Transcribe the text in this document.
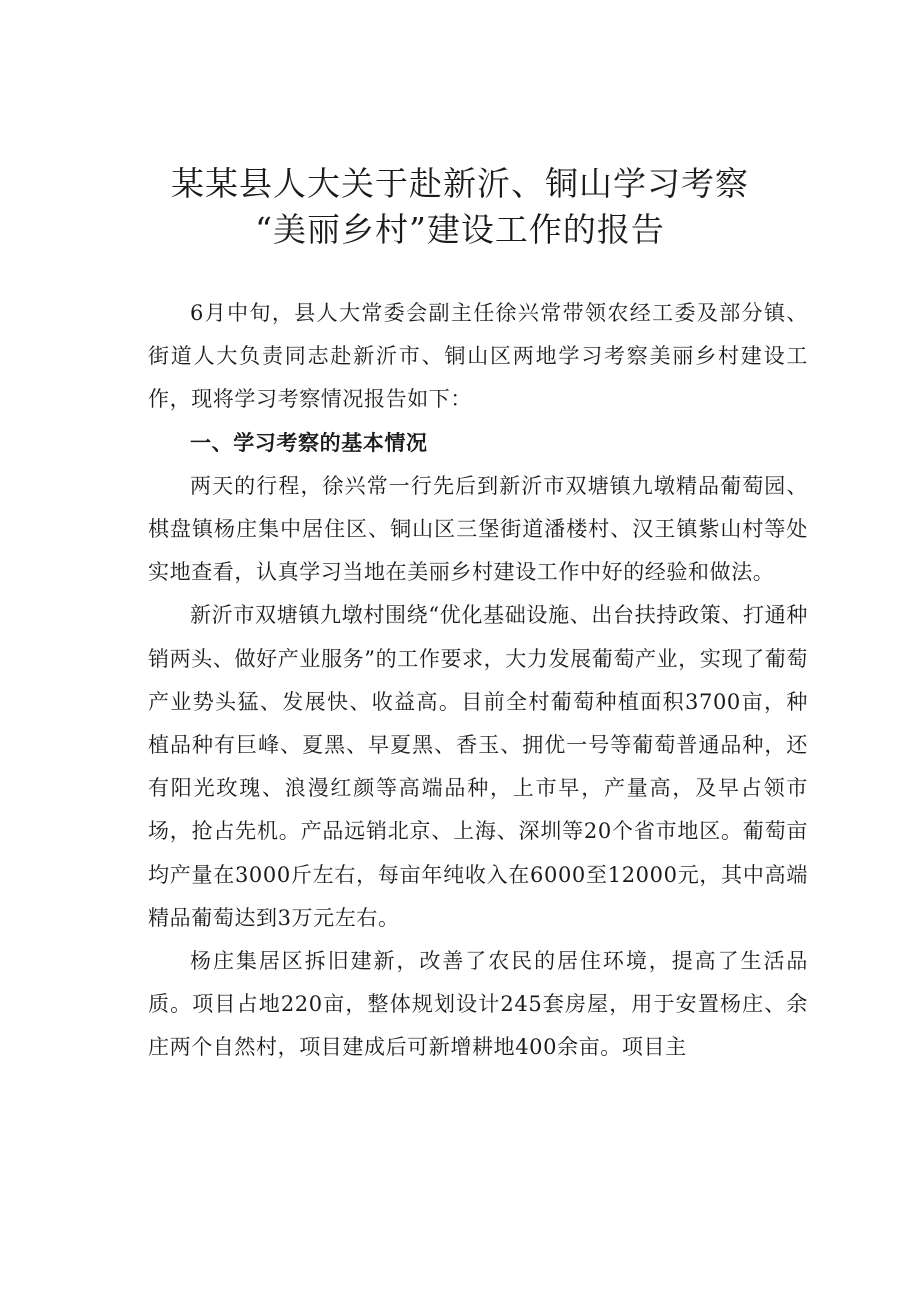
某某县人大关于赴新沂、铜山学习考察
“美丽乡村”建设工作的报告

6月中旬，县人大常委会副主任徐兴常带领农经工委及部分镇、街道人大负责同志赴新沂市、铜山区两地学习考察美丽乡村建设工作，现将学习考察情况报告如下：

一、学习考察的基本情况

两天的行程，徐兴常一行先后到新沂市双塘镇九墩精品葡萄园、棋盘镇杨庄集中居住区、铜山区三堡街道潘楼村、汉王镇紫山村等处实地查看，认真学习当地在美丽乡村建设工作中好的经验和做法。

新沂市双塘镇九墩村围绕“优化基础设施、出台扶持政策、打通种销两头、做好产业服务”的工作要求，大力发展葡萄产业，实现了葡萄产业势头猛、发展快、收益高。目前全村葡萄种植面积3700亩，种植品种有巨峰、夏黑、早夏黑、香玉、拥优一号等葡萄普通品种，还有阳光玫瑰、浪漫红颜等高端品种，上市早，产量高，及早占领市场，抢占先机。产品远销北京、上海、深圳等20个省市地区。葡萄亩均产量在3000斤左右，每亩年纯收入在6000至12000元，其中高端精品葡萄达到3万元左右。

杨庄集居区拆旧建新，改善了农民的居住环境，提高了生活品质。项目占地220亩，整体规划设计245套房屋，用于安置杨庄、余庄两个自然村，项目建成后可新增耕地400余亩。项目主
